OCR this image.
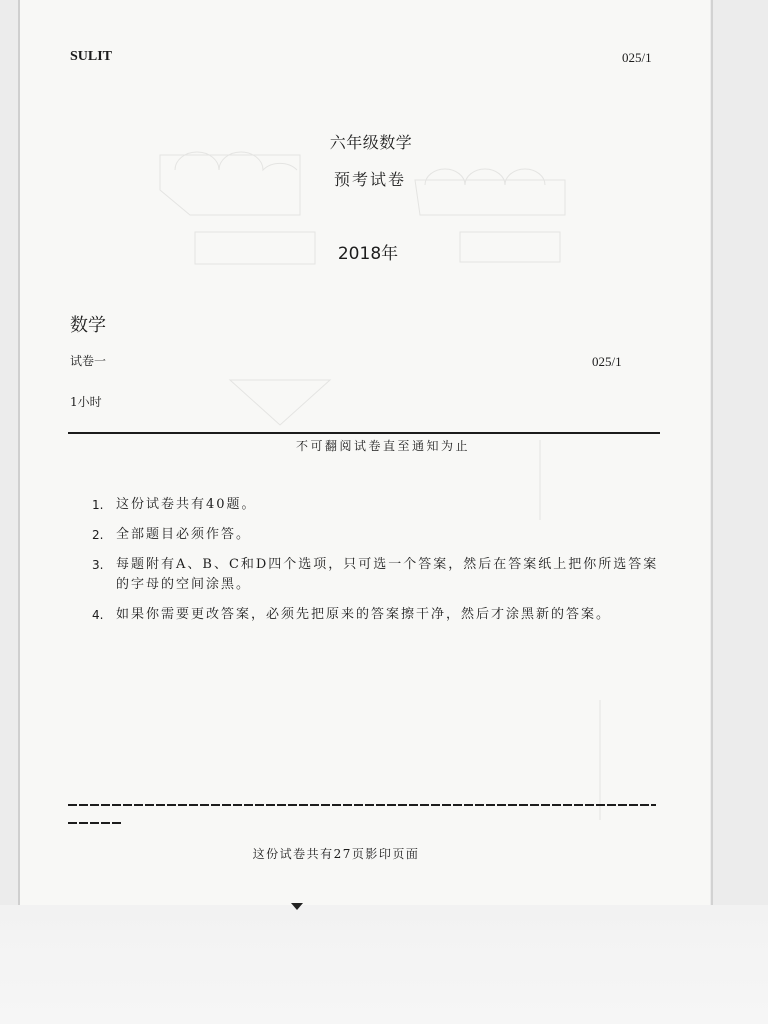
SULIT	025/1
六年级数学
预考试卷
2018年
数学
试卷一	025/1
1小时
不可翻阅试卷直至通知为止
1. 这份试卷共有40题。
2. 全部题目必须作答。
3. 每题附有A、B、C和D四个选项，只可选一个答案，然后在答案纸上把你所选答案
的字母的空间涂黑。
4. 如果你需要更改答案，必须先把原来的答案擦干净，然后才涂黑新的答案。
这份试卷共有27页影印页面
